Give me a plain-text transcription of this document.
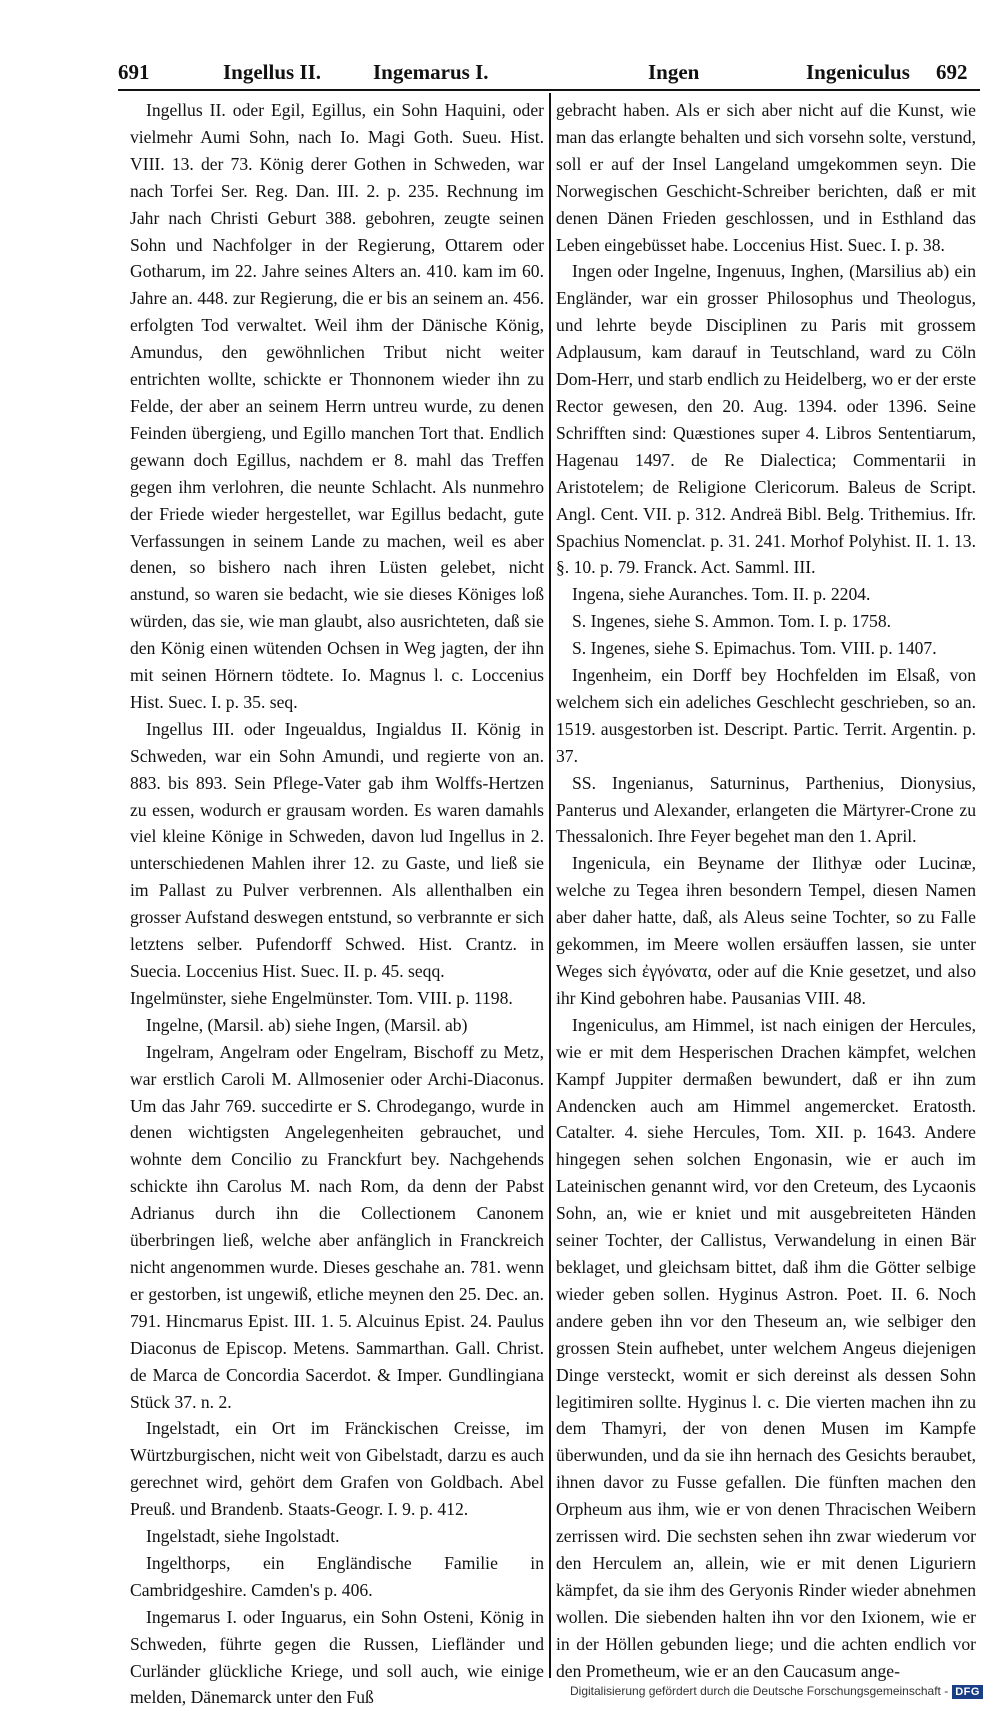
691	Ingellus II. Ingemarus I.	Ingen	Ingeniculus 692

Ingellus II. oder Egil, Egillus, ein Sohn Haquini, oder vielmehr Aumi Sohn, nach Io. Magi Goth. Sueu. Hist. VIII. 13. der 73. König derer Gothen in Schweden, war nach Torfei Ser. Reg. Dan. III. 2. p. 235. Rechnung im Jahr nach Christi Geburt 388. gebohren, zeugte seinen Sohn und Nachfolger in der Regierung, Ottarem oder Gotharum, im 22. Jahre seines Alters an. 410. kam im 60. Jahre an. 448. zur Regierung, die er bis an seinem an. 456. erfolgten Tod verwaltet. Weil ihm der Dänische König, Amundus, den gewöhnlichen Tribut nicht weiter entrichten wollte, schickte er Thonnonem wieder ihn zu Felde, der aber an seinem Herrn untreu wurde, zu denen Feinden übergieng, und Egillo manchen Tort that. Endlich gewann doch Egillus, nachdem er 8. mahl das Treffen gegen ihm verlohren, die neunte Schlacht. Als nunmehro der Friede wieder hergestellet, war Egillus bedacht, gute Verfassungen in seinem Lande zu machen, weil es aber denen, so bishero nach ihren Lüsten gelebet, nicht anstund, so waren sie bedacht, wie sie dieses Königes loß würden, das sie, wie man glaubt, also ausrichteten, daß sie den König einen wütenden Ochsen in Weg jagten, der ihn mit seinen Hörnern tödtete. Io. Magnus l. c. Loccenius Hist. Suec. I. p. 35. seq.

Ingellus III. oder Ingeualdus, Ingialdus II. König in Schweden, war ein Sohn Amundi, und regierte von an. 883. bis 893. Sein Pflege-Vater gab ihm Wolffs-Hertzen zu essen, wodurch er grausam worden. Es waren damahls viel kleine Könige in Schweden, davon lud Ingellus in 2. unterschiedenen Mahlen ihrer 12. zu Gaste, und ließ sie im Pallast zu Pulver verbrennen. Als allenthalben ein grosser Aufstand deswegen entstund, so verbrannte er sich letztens selber. Pufendorff Schwed. Hist. Crantz. in Suecia. Loccenius Hist. Suec. II. p. 45. seqq.

Ingelmünster, siehe Engelmünster. Tom. VIII. p. 1198.

Ingelne, (Marsil. ab) siehe Ingen, (Marsil. ab)

Ingelram, Angelram oder Engelram, Bischoff zu Metz, war erstlich Caroli M. Allmosenier oder Archi-Diaconus. Um das Jahr 769. succedirte er S. Chrodegango, wurde in denen wichtigsten Angelegenheiten gebrauchet, und wohnte dem Concilio zu Franckfurt bey. Nachgehends schickte ihn Carolus M. nach Rom, da denn der Pabst Adrianus durch ihn die Collectionem Canonem überbringen ließ, welche aber anfänglich in Franckreich nicht angenommen wurde. Dieses geschahe an. 781. wenn er gestorben, ist ungewiß, etliche meynen den 25. Dec. an. 791. Hincmarus Epist. III. 1. 5. Alcuinus Epist. 24. Paulus Diaconus de Episcop. Metens. Sammarthan. Gall. Christ. de Marca de Concordia Sacerdot. & Imper. Gundlingiana Stück 37. n. 2.

Ingelstadt, ein Ort im Fränckischen Creisse, im Würtzburgischen, nicht weit von Gibelstadt, darzu es auch gerechnet wird, gehört dem Grafen von Goldbach. Abel Preuß. und Brandenb. Staats-Geogr. I. 9. p. 412.

Ingelstadt, siehe Ingolstadt.

Ingelthorps, ein Engländische Familie in Cambridgeshire. Camden's p. 406.

Ingemarus I. oder Inguarus, ein Sohn Osteni, König in Schweden, führte gegen die Russen, Liefländer und Curländer glückliche Kriege, und soll auch, wie einige melden, Dänemarck unter den Fuß

gebracht haben. Als er sich aber nicht auf die Kunst, wie man das erlangte behalten und sich vorsehn solte, verstund, soll er auf der Insel Langeland umgekommen seyn. Die Norwegischen Geschicht-Schreiber berichten, daß er mit denen Dänen Frieden geschlossen, und in Esthland das Leben eingebüsset habe. Loccenius Hist. Suec. I. p. 38.

Ingen oder Ingelne, Ingenuus, Inghen, (Marsilius ab) ein Engländer, war ein grosser Philosophus und Theologus, und lehrte beyde Disciplinen zu Paris mit grossem Adplausum, kam darauf in Teutschland, ward zu Cöln Dom-Herr, und starb endlich zu Heidelberg, wo er der erste Rector gewesen, den 20. Aug. 1394. oder 1396. Seine Schrifften sind: Quæstiones super 4. Libros Sententiarum, Hagenau 1497. de Re Dialectica; Commentarii in Aristotelem; de Religione Clericorum. Baleus de Script. Angl. Cent. VII. p. 312. Andreä Bibl. Belg. Trithemius. Ifr. Spachius Nomenclat. p. 31. 241. Morhof Polyhist. II. 1. 13. §. 10. p. 79. Franck. Act. Samml. III.

Ingena, siehe Auranches. Tom. II. p. 2204.

S. Ingenes, siehe S. Ammon. Tom. I. p. 1758.

S. Ingenes, siehe S. Epimachus. Tom. VIII. p. 1407.

Ingenheim, ein Dorff bey Hochfelden im Elsaß, von welchem sich ein adeliches Geschlecht geschrieben, so an. 1519. ausgestorben ist. Descript. Partic. Territ. Argentin. p. 37.

SS. Ingenianus, Saturninus, Parthenius, Dionysius, Panterus und Alexander, erlangeten die Märtyrer-Crone zu Thessalonich. Ihre Feyer begehet man den 1. April.

Ingenicula, ein Beyname der Ilithyæ oder Lucinæ, welche zu Tegea ihren besondern Tempel, diesen Namen aber daher hatte, daß, als Aleus seine Tochter, so zu Falle gekommen, im Meere wollen ersäuffen lassen, sie unter Weges sich ἐγγόνατα, oder auf die Knie gesetzet, und also ihr Kind gebohren habe. Pausanias VIII. 48.

Ingeniculus, am Himmel, ist nach einigen der Hercules, wie er mit dem Hesperischen Drachen kämpfet, welchen Kampf Juppiter dermaßen bewundert, daß er ihn zum Andencken auch am Himmel angemercket. Eratosth. Catalter. 4. siehe Hercules, Tom. XII. p. 1643. Andere hingegen sehen solchen Engonasin, wie er auch im Lateinischen genannt wird, vor den Creteum, des Lycaonis Sohn, an, wie er kniet und mit ausgebreiteten Händen seiner Tochter, der Callistus, Verwandelung in einen Bär beklaget, und gleichsam bittet, daß ihm die Götter selbige wieder geben sollen. Hyginus Astron. Poet. II. 6. Noch andere geben ihn vor den Theseum an, wie selbiger den grossen Stein aufhebet, unter welchem Angeus diejenigen Dinge versteckt, womit er sich dereinst als dessen Sohn legitimiren sollte. Hyginus l. c. Die vierten machen ihn zu dem Thamyri, der von denen Musen im Kampfe überwunden, und da sie ihn hernach des Gesichts beraubet, ihnen davor zu Fusse gefallen. Die fünften machen den Orpheum aus ihm, wie er von denen Thracischen Weibern zerrissen wird. Die sechsten sehen ihn zwar wiederum vor den Herculem an, allein, wie er mit denen Liguriern kämpfet, da sie ihm des Geryonis Rinder wieder abnehmen wollen. Die siebenden halten ihn vor den Ixionem, wie er in der Höllen gebunden liege; und die achten endlich vor den Prometheum, wie er an den Caucasum ange-

Digitalisierung gefördert durch die Deutsche Forschungsgemeinschaft - DFG
